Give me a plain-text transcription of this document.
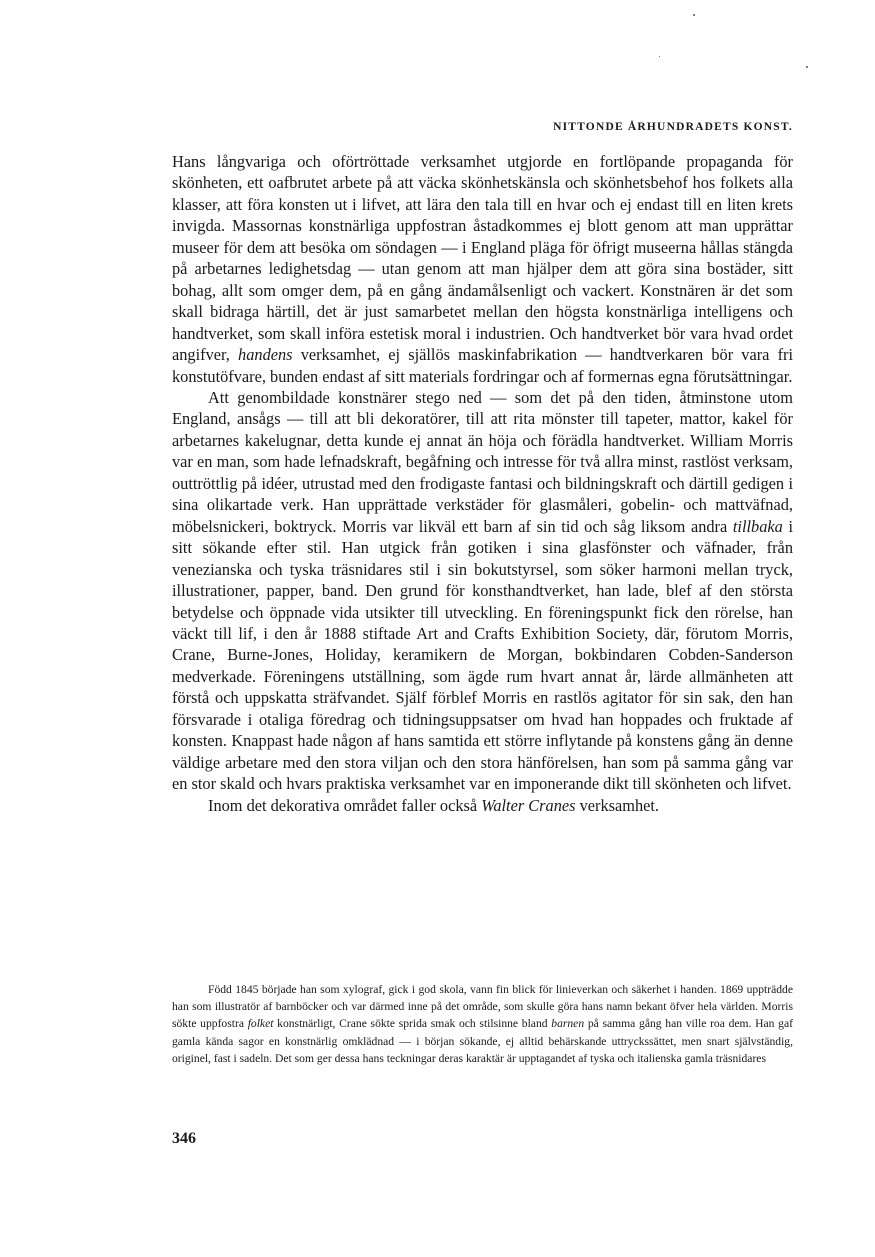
NITTONDE ÅRHUNDRADETS KONST.

Hans långvariga och oförtröttade verksamhet utgjorde en fortlöpande propaganda för skönheten, ett oafbrutet arbete på att väcka skönhetskänsla och skönhetsbehof hos folkets alla klasser, att föra konsten ut i lifvet, att lära den tala till en hvar och ej endast till en liten krets invigda. Massornas konstnärliga uppfostran åstadkommes ej blott genom att man upprättar museer för dem att besöka om söndagen — i England pläga för öfrigt museerna hållas stängda på arbetarnes ledighetsdag — utan genom att man hjälper dem att göra sina bostäder, sitt bohag, allt som omger dem, på en gång ändamålsenligt och vackert. Konstnären är det som skall bidraga härtill, det är just samarbetet mellan den högsta konstnärliga intelligens och handtverket, som skall införa estetisk moral i industrien. Och handtverket bör vara hvad ordet angifver, handens verksamhet, ej själlös maskinfabrikation — handtverkaren bör vara fri konstutöfvare, bunden endast af sitt materials fordringar och af formernas egna förutsättningar.

Att genombildade konstnärer stego ned — som det på den tiden, åtminstone utom England, ansågs — till att bli dekoratörer, till att rita mönster till tapeter, mattor, kakel för arbetarnes kakelugnar, detta kunde ej annat än höja och förädla handtverket. William Morris var en man, som hade lefnadskraft, begåfning och intresse för två allra minst, rastlöst verksam, outtröttlig på idéer, utrustad med den frodigaste fantasi och bildningskraft och därtill gedigen i sina olikartade verk. Han upprättade verkstäder för glasmåleri, gobelin- och mattväfnad, möbelsnickeri, boktryck. Morris var likväl ett barn af sin tid och såg liksom andra tillbaka i sitt sökande efter stil. Han utgick från gotiken i sina glasfönster och väfnader, från venezianska och tyska träsnidares stil i sin bokutstyrsel, som söker harmoni mellan tryck, illustrationer, papper, band. Den grund för konsthandtverket, han lade, blef af den största betydelse och öppnade vida utsikter till utveckling. En föreningspunkt fick den rörelse, han väckt till lif, i den år 1888 stiftade Art and Crafts Exhibition Society, där, förutom Morris, Crane, Burne-Jones, Holiday, keramikern de Morgan, bokbindaren Cobden-Sanderson medverkade. Föreningens utställning, som ägde rum hvart annat år, lärde allmänheten att förstå och uppskatta sträfvandet. Själf förblef Morris en rastlös agitator för sin sak, den han försvarade i otaliga föredrag och tidningsuppsatser om hvad han hoppades och fruktade af konsten. Knappast hade någon af hans samtida ett större inflytande på konstens gång än denne väldige arbetare med den stora viljan och den stora hänförelsen, han som på samma gång var en stor skald och hvars praktiska verksamhet var en imponerande dikt till skönheten och lifvet.

Inom det dekorativa området faller också Walter Cranes verksamhet.

Född 1845 började han som xylograf, gick i god skola, vann fin blick för linieverkan och säkerhet i handen. 1869 uppträdde han som illustratör af barnböcker och var därmed inne på det område, som skulle göra hans namn bekant öfver hela världen. Morris sökte uppfostra folket konstnärligt, Crane sökte sprida smak och stilsinne bland barnen på samma gång han ville roa dem. Han gaf gamla kända sagor en konstnärlig omklädnad — i början sökande, ej alltid behärskande uttryckssättet, men snart självständig, originel, fast i sadeln. Det som ger dessa hans teckningar deras karaktär är upptagandet af tyska och italienska gamla träsnidares

346
